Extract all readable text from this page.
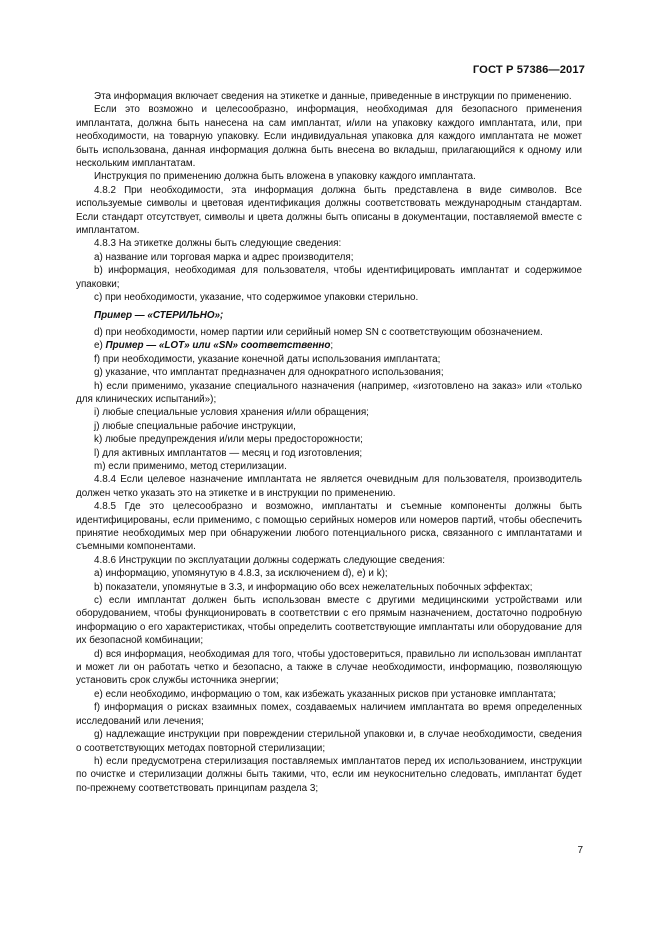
ГОСТ Р 57386—2017

Эта информация включает сведения на этикетке и данные, приведенные в инструкции по применению.

Если это возможно и целесообразно, информация, необходимая для безопасного применения имплантата, должна быть нанесена на сам имплантат, и/или на упаковку каждого имплантата, или, при необходимости, на товарную упаковку. Если индивидуальная упаковка для каждого имплантата не может быть использована, данная информация должна быть внесена во вкладыш, прилагающийся к одному или нескольким имплантатам.

Инструкция по применению должна быть вложена в упаковку каждого имплантата.

4.8.2 При необходимости, эта информация должна быть представлена в виде символов. Все используемые символы и цветовая идентификация должны соответствовать международным стандартам. Если стандарт отсутствует, символы и цвета должны быть описаны в документации, поставляемой вместе с имплантатом.

4.8.3 На этикетке должны быть следующие сведения:

a) название или торговая марка и адрес производителя;

b) информация, необходимая для пользователя, чтобы идентифицировать имплантат и содержимое упаковки;

c) при необходимости, указание, что содержимое упаковки стерильно.

Пример — «СТЕРИЛЬНО»;

d) при необходимости, номер партии или серийный номер SN с соответствующим обозначением.

e) Пример — «LOT» или «SN» соответственно;

f) при необходимости, указание конечной даты использования имплантата;

g) указание, что имплантат предназначен для однократного использования;

h) если применимо, указание специального назначения (например, «изготовлено на заказ» или «только для клинических испытаний»);

i) любые специальные условия хранения и/или обращения;

j) любые специальные рабочие инструкции,

k) любые предупреждения и/или меры предосторожности;

l) для активных имплантатов — месяц и год изготовления;

m) если применимо, метод стерилизации.

4.8.4 Если целевое назначение имплантата не является очевидным для пользователя, производитель должен четко указать это на этикетке и в инструкции по применению.

4.8.5 Где это целесообразно и возможно, имплантаты и съемные компоненты должны быть идентифицированы, если применимо, с помощью серийных номеров или номеров партий, чтобы обеспечить принятие необходимых мер при обнаружении любого потенциального риска, связанного с имплантатами и съемными компонентами.

4.8.6 Инструкции по эксплуатации должны содержать следующие сведения:

a) информацию, упомянутую в 4.8.3, за исключением d), e) и k);

b) показатели, упомянутые в 3.3, и информацию обо всех нежелательных побочных эффектах;

c) если имплантат должен быть использован вместе с другими медицинскими устройствами или оборудованием, чтобы функционировать в соответствии с его прямым назначением, достаточно подробную информацию о его характеристиках, чтобы определить соответствующие имплантаты или оборудование для их безопасной комбинации;

d) вся информация, необходимая для того, чтобы удостовериться, правильно ли использован имплантат и может ли он работать четко и безопасно, а также в случае необходимости, информацию, позволяющую установить срок службы источника энергии;

e) если необходимо, информацию о том, как избежать указанных рисков при установке имплантата;

f) информация о рисках взаимных помех, создаваемых наличием имплантата во время определенных исследований или лечения;

g) надлежащие инструкции при повреждении стерильной упаковки и, в случае необходимости, сведения о соответствующих методах повторной стерилизации;

h) если предусмотрена стерилизация поставляемых имплантатов перед их использованием, инструкции по очистке и стерилизации должны быть такими, что, если им неукоснительно следовать, имплантат будет по-прежнему соответствовать принципам раздела 3;

7
